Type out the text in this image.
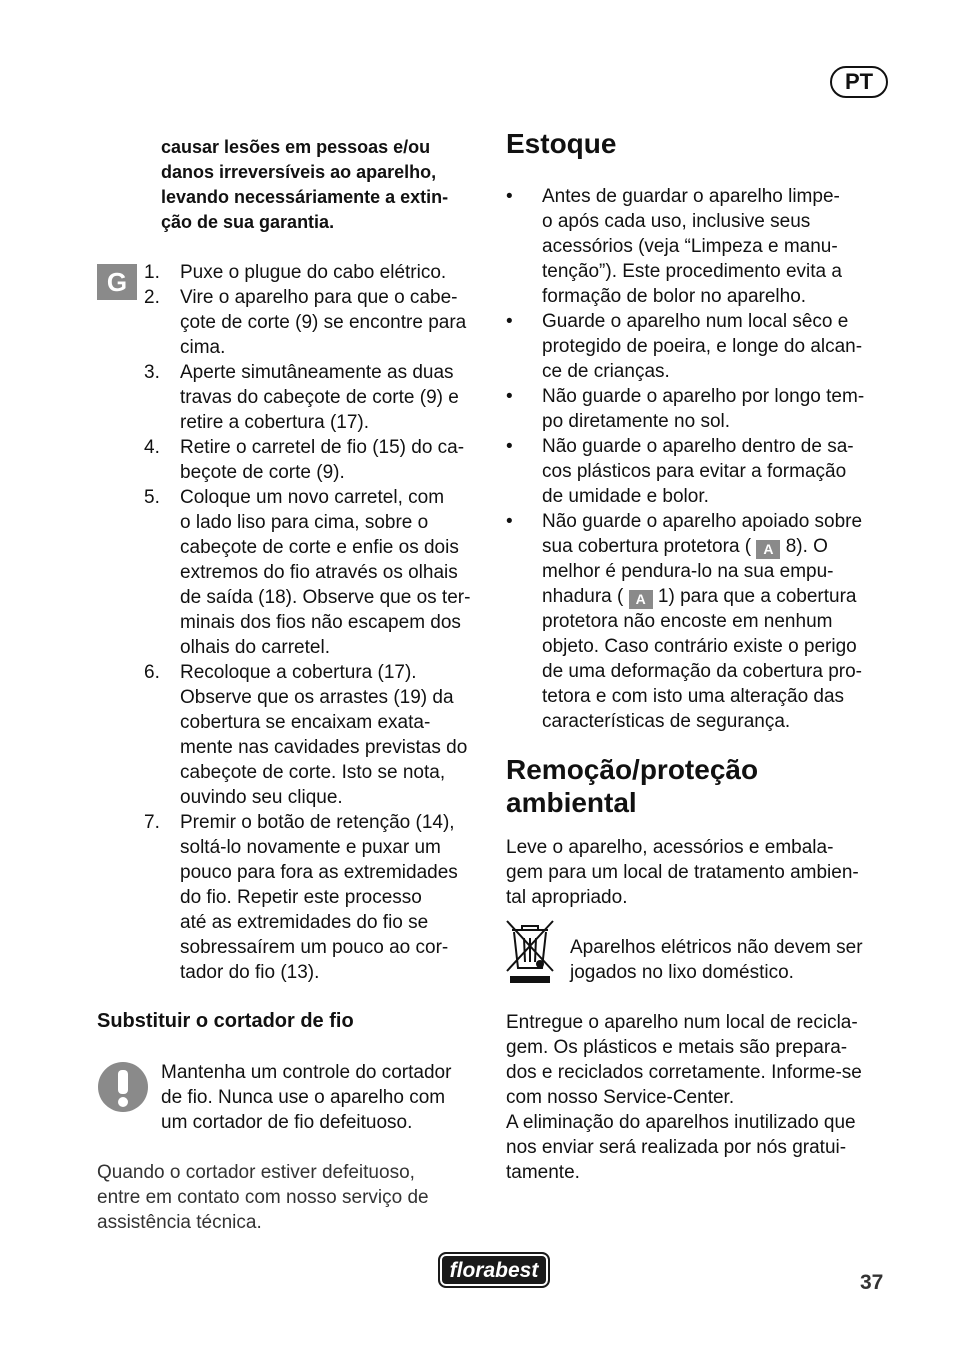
PT
causar lesões em pessoas e/ou
danos irreversíveis ao aparelho,
levando necessáriamente a extin-
ção de sua garantia.
G 1. Puxe o plugue do cabo elétrico.
2. Vire o aparelho para que o cabe-
çote de corte (9) se encontre para
cima.
3. Aperte simutâneamente as duas
travas do cabeçote de corte (9) e
retire a cobertura (17).
4. Retire o carretel de fio (15) do ca-
beçote de corte (9).
5. Coloque um novo carretel, com
o lado liso para cima, sobre o
cabeçote de corte e enfie os dois
extremos do fio através os olhais
de saída (18). Observe que os ter-
minais dos fios não escapem dos
olhais do carretel.
6. Recoloque a cobertura (17).
Observe que os arrastes (19) da
cobertura se encaixam exata-
mente nas cavidades previstas do
cabeçote de corte. Isto se nota,
ouvindo seu clique.
7. Premir o botão de retenção (14),
soltá-lo novamente e puxar um
pouco para fora as extremidades
do fio. Repetir este processo
até as extremidades do fio se
sobressaírem um pouco ao cor-
tador do fio (13).
Substituir o cortador de fio
Mantenha um controle do cortador
de fio. Nunca use o aparelho com
um cortador de fio defeituoso.
Quando o cortador estiver defeituoso,
entre em contato com nosso serviço de
assistência técnica.
Estoque
• Antes de guardar o aparelho limpe-
o após cada uso, inclusive seus
acessórios (veja “Limpeza e manu-
tenção”). Este procedimento evita a
formação de bolor no aparelho.
• Guarde o aparelho num local sêco e
protegido de poeira, e longe do alcan-
ce de crianças.
• Não guarde o aparelho por longo tem-
po diretamente no sol.
• Não guarde o aparelho dentro de sa-
cos plásticos para evitar a formação
de umidade e bolor.
• Não guarde o aparelho apoiado sobre
sua cobertura protetora ( A 8). O
melhor é pendura-lo na sua empu-
nhadura ( A 1) para que a cobertura
protetora não encoste em nenhum
objeto. Caso contrário existe o perigo
de uma deformação da cobertura pro-
tetora e com isto uma alteração das
características de segurança.
Remoção/proteção
ambiental
Leve o aparelho, acessórios e embala-
gem para um local de tratamento ambien-
tal apropriado.
Aparelhos elétricos não devem ser
jogados no lixo doméstico.
Entregue o aparelho num local de recicla-
gem. Os plásticos e metais são prepara-
dos e reciclados corretamente. Informe-se
com nosso Service-Center.
A eliminação do aparelhos inutilizado que
nos enviar será realizada por nós gratui-
tamente.
florabest
37
